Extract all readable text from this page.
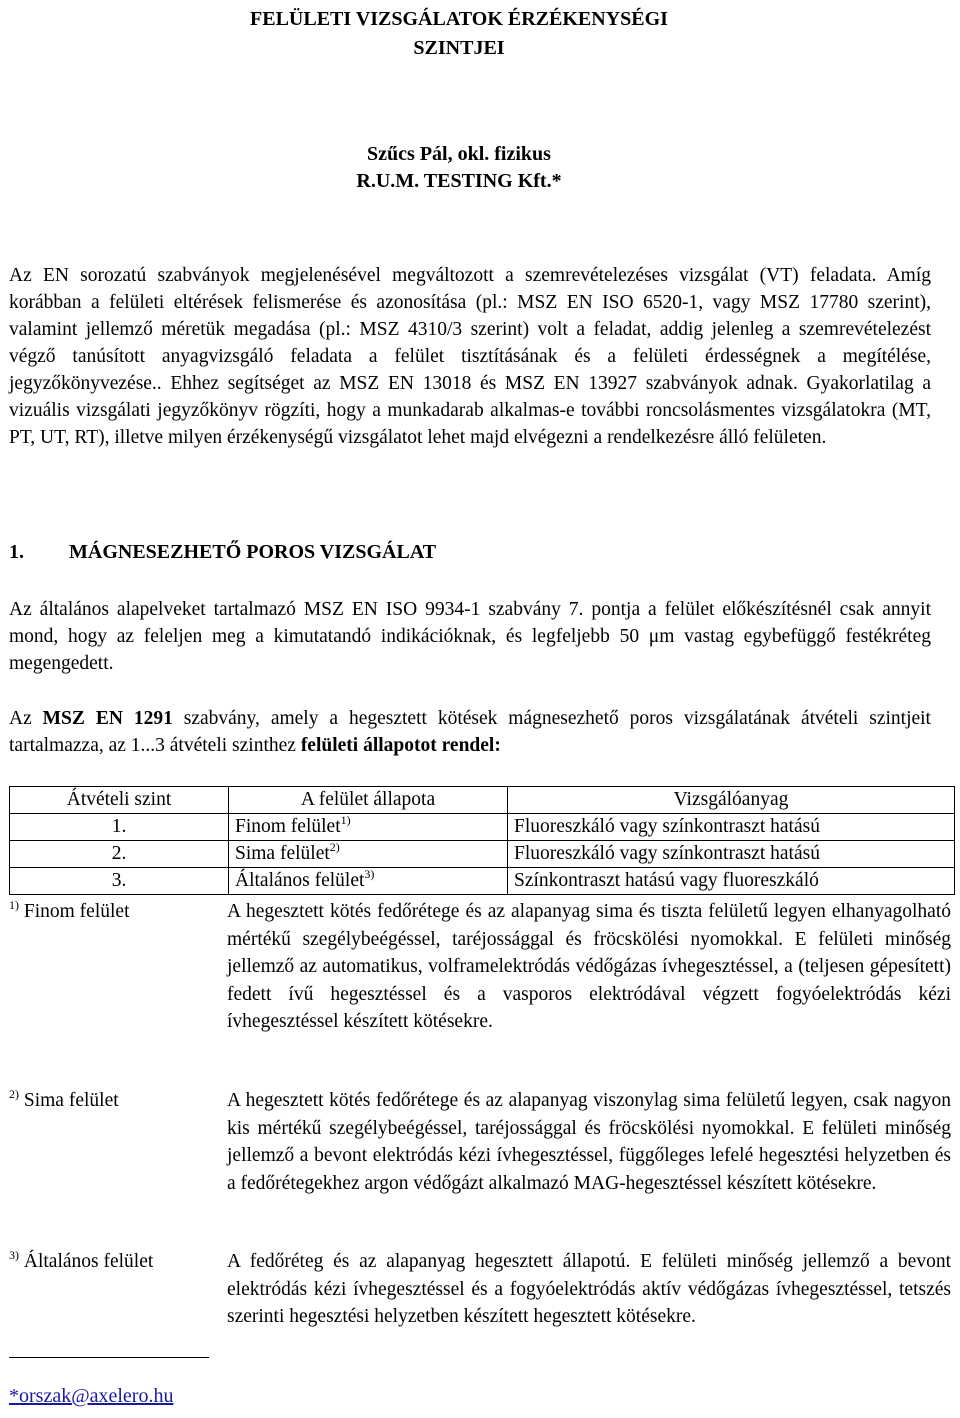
FELÜLETI VIZSGÁLATOK ÉRZÉKENYSÉGI
SZINTJEI
Szűcs Pál, okl. fizikus
R.U.M. TESTING Kft.*

Az EN sorozatú szabványok megjelenésével megváltozott a szemrevételezéses vizsgálat (VT) feladata. Amíg korábban a felületi eltérések felismerése és azonosítása (pl.: MSZ EN ISO 6520-1, vagy MSZ 17780 szerint), valamint jellemző méretük megadása (pl.: MSZ 4310/3 szerint) volt a feladat, addig jelenleg a szemrevételezést végző tanúsított anyagvizsgáló feladata a felület tisztításának és a felületi érdességnek a megítélése, jegyzőkönyvezése.. Ehhez segítséget az MSZ EN 13018 és MSZ EN 13927 szabványok adnak. Gyakorlatilag a vizuális vizsgálati jegyzőkönyv rögzíti, hogy a munkadarab alkalmas-e további roncsolásmentes vizsgálatokra (MT, PT, UT, RT), illetve milyen érzékenységű vizsgálatot lehet majd elvégezni a rendelkezésre álló felületen.

1. MÁGNESEZHETŐ POROS VIZSGÁLAT

Az általános alapelveket tartalmazó MSZ EN ISO 9934-1 szabvány 7. pontja a felület előkészítésnél csak annyit mond, hogy az feleljen meg a kimutatandó indikációknak, és legfeljebb 50 μm vastag egybefüggő festékréteg megengedett.

Az MSZ EN 1291 szabvány, amely a hegesztett kötések mágnesezhető poros vizsgálatának átvételi szintjeit tartalmazza, az 1...3 átvételi szinthez felületi állapotot rendel:

Átvételi szint	A felület állapota	Vizsgálóanyag
1.	Finom felület$^{1)}$	Fluoreszkáló vagy színkontraszt hatású
2.	Sima felület$^{2)}$	Fluoreszkáló vagy színkontraszt hatású
3.	Általános felület$^{3)}$	Színkontraszt hatású vagy fluoreszkáló
$^{1)}$ Finom felület	A hegesztett kötés fedőrétege és az alapanyag sima és tiszta felületű legyen elhanyagolható mértékű szegélybeégéssel, taréjossággal és fröcskölési nyomokkal. E felületi minőség jellemző az automatikus, volframelektródás védőgázas ívhegesztéssel, a (teljesen gépesített) fedett ívű hegesztéssel és a vasporos elektródával végzett fogyóelektródás kézi ívhegesztéssel készített kötésekre.
$^{2)}$ Sima felület	A hegesztett kötés fedőrétege és az alapanyag viszonylag sima felületű legyen, csak nagyon kis mértékű szegélybeégéssel, taréjossággal és fröcskölési nyomokkal. E felületi minőség jellemző a bevont elektródás kézi ívhegesztéssel, függőleges lefelé hegesztési helyzetben és a fedőrétegekhez argon védőgázt alkalmazó MAG-hegesztéssel készített kötésekre.
$^{3)}$ Általános felület	A fedőréteg és az alapanyag hegesztett állapotú. E felületi minőség jellemző a bevont elektródás kézi ívhegesztéssel és a fogyóelektródás aktív védőgázas ívhegesztéssel, tetszés szerinti hegesztési helyzetben készített hegesztett kötésekre.
*orszak@axelero.hu
